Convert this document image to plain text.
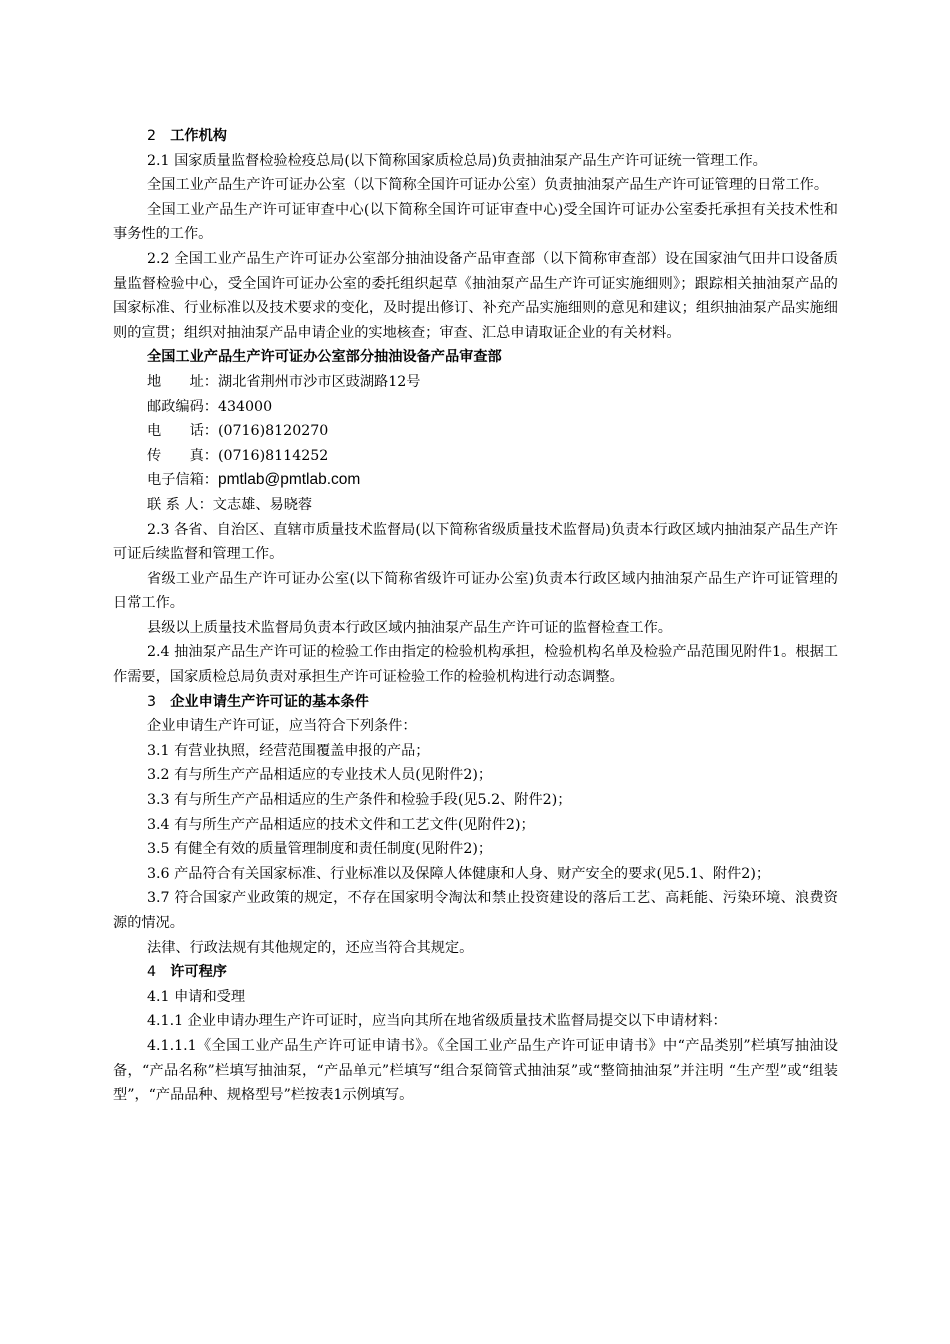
2　 工作机构

2.1 国家质量监督检验检疫总局(以下简称国家质检总局)负责抽油泵产品生产许可证统一管理工作。

全国工业产品生产许可证办公室（以下简称全国许可证办公室）负责抽油泵产品生产许可证管理的日常工作。

全国工业产品生产许可证审查中心(以下简称全国许可证审查中心)受全国许可证办公室委托承担有关技术性和事务性的工作。

2.2 全国工业产品生产许可证办公室部分抽油设备产品审查部（以下简称审查部）设在国家油气田井口设备质量监督检验中心，受全国许可证办公室的委托组织起草《抽油泵产品生产许可证实施细则》；跟踪相关抽油泵产品的国家标准、行业标准以及技术要求的变化，及时提出修订、补充产品实施细则的意见和建议；组织抽油泵产品实施细则的宣贯；组织对抽油泵产品申请企业的实地核查；审查、汇总申请取证企业的有关材料。

全国工业产品生产许可证办公室部分抽油设备产品审查部

地　　址：湖北省荆州市沙市区豉湖路12号

邮政编码：434000

电　　话：(0716)8120270

传　　真：(0716)8114252

电子信箱：pmtlab@pmtlab.com

联 系 人：文志雄、易晓蓉

2.3 各省、自治区、直辖市质量技术监督局(以下简称省级质量技术监督局)负责本行政区域内抽油泵产品生产许可证后续监督和管理工作。

省级工业产品生产许可证办公室(以下简称省级许可证办公室)负责本行政区域内抽油泵产品生产许可证管理的日常工作。

县级以上质量技术监督局负责本行政区域内抽油泵产品生产许可证的监督检查工作。

2.4 抽油泵产品生产许可证的检验工作由指定的检验机构承担，检验机构名单及检验产品范围见附件1。根据工作需要，国家质检总局负责对承担生产许可证检验工作的检验机构进行动态调整。

3　 企业申请生产许可证的基本条件

企业申请生产许可证，应当符合下列条件：

3.1 有营业执照，经营范围覆盖申报的产品；

3.2 有与所生产产品相适应的专业技术人员(见附件2)；

3.3 有与所生产产品相适应的生产条件和检验手段(见5.2、附件2)；

3.4 有与所生产产品相适应的技术文件和工艺文件(见附件2)；

3.5 有健全有效的质量管理制度和责任制度(见附件2)；

3.6 产品符合有关国家标准、行业标准以及保障人体健康和人身、财产安全的要求(见5.1、附件2)；

3.7 符合国家产业政策的规定，不存在国家明令淘汰和禁止投资建设的落后工艺、高耗能、污染环境、浪费资源的情况。

法律、行政法规有其他规定的，还应当符合其规定。

4　 许可程序

4.1 申请和受理

4.1.1 企业申请办理生产许可证时，应当向其所在地省级质量技术监督局提交以下申请材料：

4.1.1.1《全国工业产品生产许可证申请书》。《全国工业产品生产许可证申请书》中“产品类别”栏填写抽油设备，“产品名称”栏填写抽油泵，“产品单元”栏填写“组合泵筒管式抽油泵”或“整筒抽油泵”并注明 “生产型”或“组装型”，“产品品种、规格型号”栏按表1示例填写。
